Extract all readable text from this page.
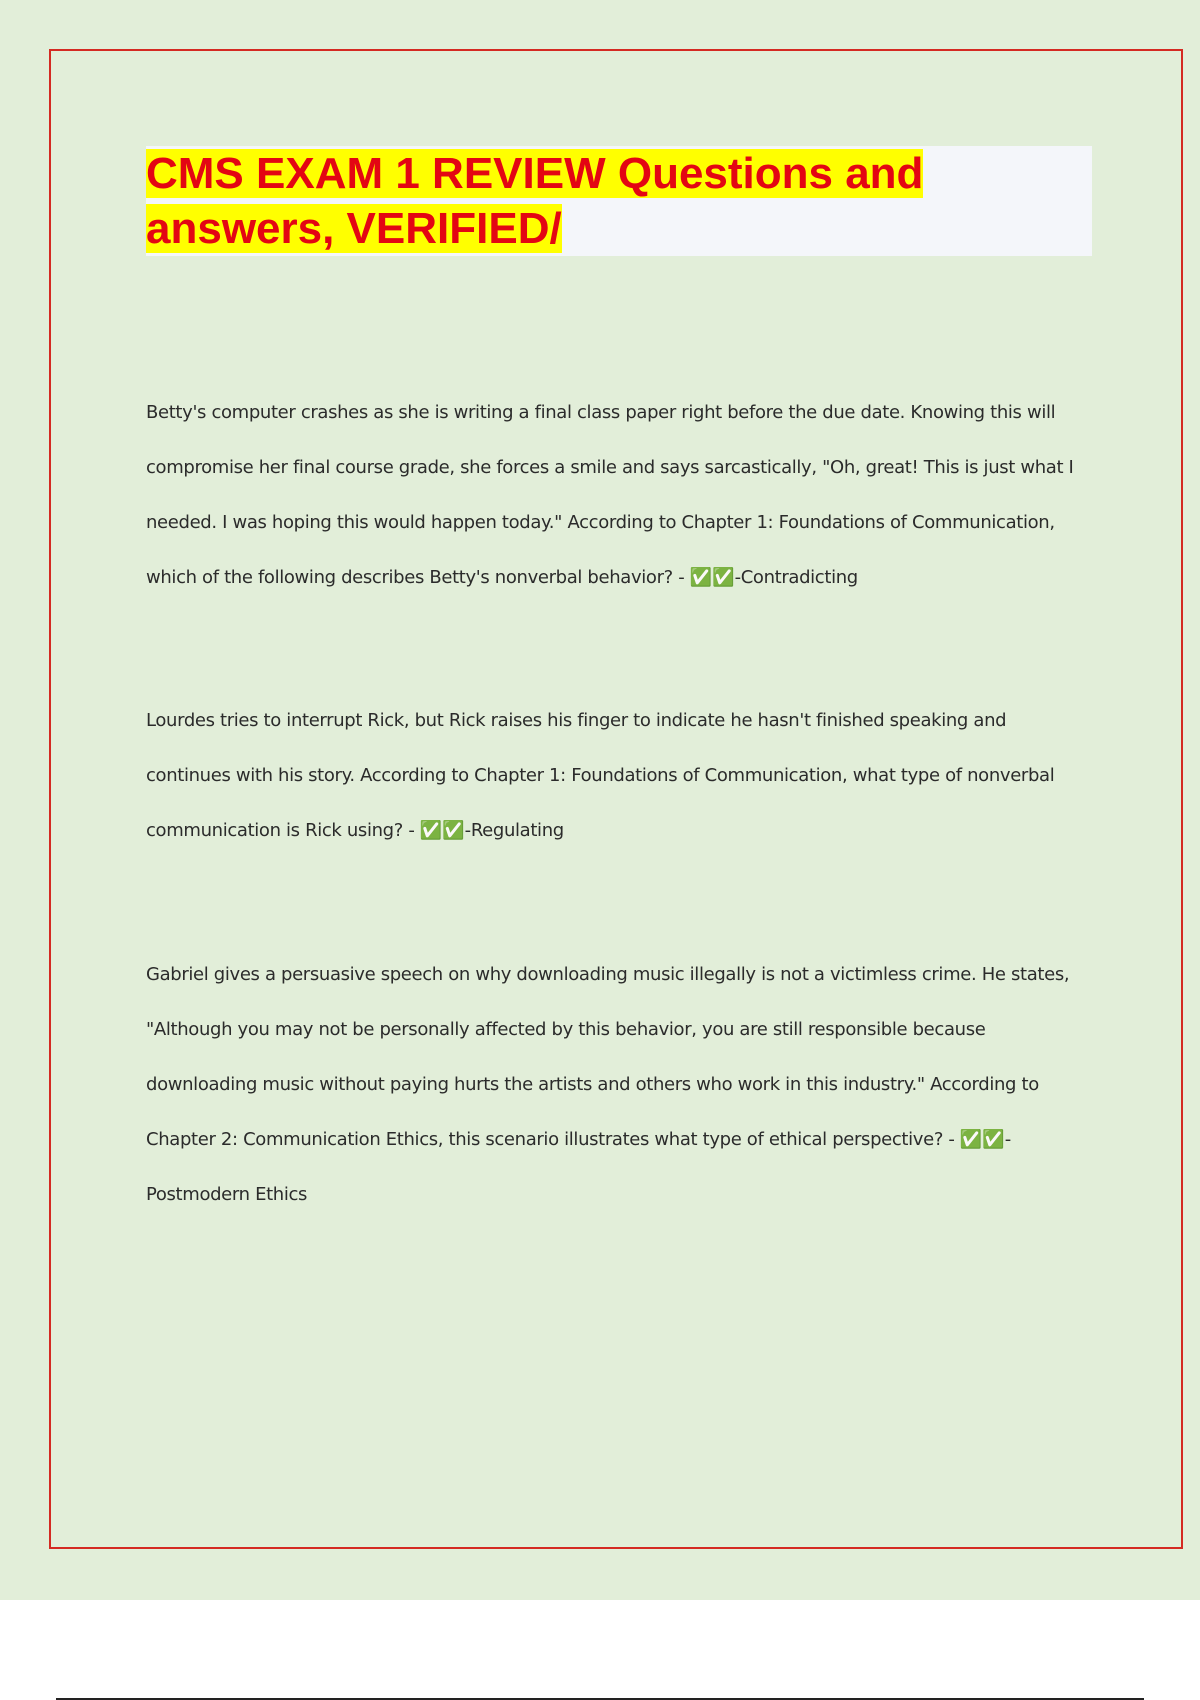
CMS EXAM 1 REVIEW Questions and
answers, VERIFIED/

Betty's computer crashes as she is writing a final class paper right before the due date. Knowing this will compromise her final course grade, she forces a smile and says sarcastically, "Oh, great! This is just what I needed. I was hoping this would happen today." According to Chapter 1: Foundations of Communication, which of the following describes Betty's nonverbal behavior? - ✅✅-Contradicting

Lourdes tries to interrupt Rick, but Rick raises his finger to indicate he hasn't finished speaking and continues with his story. According to Chapter 1: Foundations of Communication, what type of nonverbal communication is Rick using? - ✅✅-Regulating

Gabriel gives a persuasive speech on why downloading music illegally is not a victimless crime. He states, "Although you may not be personally affected by this behavior, you are still responsible because downloading music without paying hurts the artists and others who work in this industry." According to Chapter 2: Communication Ethics, this scenario illustrates what type of ethical perspective? - ✅✅- Postmodern Ethics
